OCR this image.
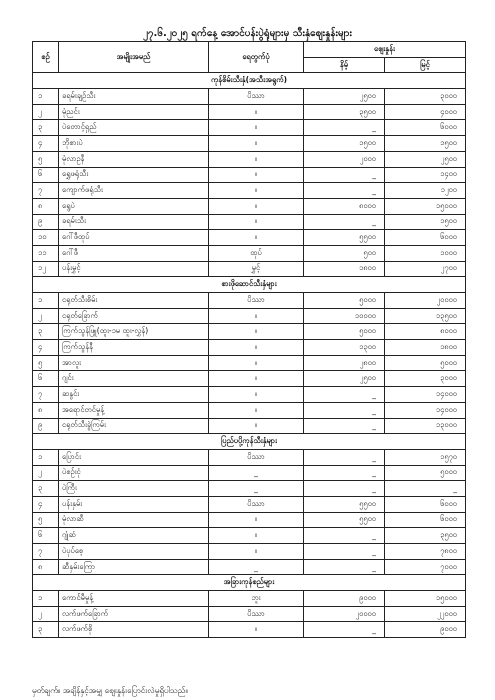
၂၇.၆.၂၀၂၅ ရက်နေ့ အောင်ပန်းပွဲရုံများမှ သီးနှံဈေးနှုန်းများ
စဉ်	အမျိုးအမည်	ရေတွက်ပုံ	ဈေးနှုန်း	
			နိမ့်	မြင့်
ကုန်စိမ်းသီးနှံ(အသီးအရွက်)				
၁	ခရမ်းချဉ်သီး	ပိဿာ	၂၅၀၀	၃၀၀၀
၂	မုံညင်း	။	၃၅၀၀	၄၀၀၀
၃	ပဲတောင့်ရှည်	။	_	၆၀၀၀
၄	ဘိုစားပဲ	။	၁၅၀၀	၁၅၀၀
၅	မုံလာဥနီ	။	၂၀၀၀	၂၅၀၀
၆	ရွှေဖရုံသီး	။	_	၁၄၀၀
၇	ကျောက်ဖရုံသီး	။	_	၁၂၀၀
၈	ရွေပဲ	။	၈၀၀၀	၁၅၀၀၀
၉	ခရမ်းသီး	။	_	၁၅၀၀
၁၀	ဂေါ်ဖီထုပ်	။	၅၅၀၀	၆၀၀၀
၁၁	ဂေါ်ဖီ	ထုပ်	၅၀၀	၁၀၀၀
၁၂	ပန်းမွှင့်	မွှင့်	၁၈၀၀	၂၇၀၀
စားဖိုဆောင်သီးနှံများ				
၁	ငရုတ်သီးစိမ်း	ပိဿာ	၅၀၀၀	၂၀၀၀၀
၂	ငရုတ်ခြောက်	။	၁၀၀၀၀	၁၃၅၀၀
၃	ကြက်သွန်ဖြူ(ထူး-၁မ ထူး-လွှန်)	။	၅၀၀၀	၈၀၀၀
၄	ကြက်သွန်နီ	။	၁၃၀၀	၁၈၀၀
၅	အာလူး	။	၂၈၀၀	၅၀၀၀
၆	ဂျင်း	။	၂၅၀၀	၃၀၀၀
၇	ဆနွင်း	။	_	၁၄၀၀၀
၈	အရောင်တင်မှုန့်	။	_	၁၄၀၀၀
၉	ငရုတ်သီးခွဲကြမ်း	။	_	၁၃၀၀၀
ပြည်ပပို့ကုန်သီးနှံများ				
၁	ပြောင်း	ပိဿာ	_	၁၅၇၀
၂	ပဲစဉ်းငုံ	_	_	၅၀၀၀
၃	ပဲကြီး	_	_	_
၄	ပန်းနှမ်း	ပိဿာ	၅၅၀၀	၆၀၀၀
၅	မုံလာဆီ	။	၅၅၀၀	၆၀၀၀
၆	ဂျုံဆံ	။	_	၃၅၀၀
၇	ပဲပုပ်စေ့	။	_	၇၈၀၀
၈	ဆီနှမ်းကြော	_	_	၇၀၀၀
အခြားကုန်စည်များ				
၁	ကောင်မီမှုန့်	ဘူး	၉၀၀၀	၁၅၀၀၀
၂	လက်ဖက်ခြောက်	ပိဿာ	၂၀၀၀၀	၂၂၀၀၀
၃	လက်ဖက်စို	။	_	၉၀၀၀
မှတ်ချက်။ အချိန်နှင့်အမျှ ဈေးနှုန်းပြောင်းလဲမှုရှိပါသည်။
